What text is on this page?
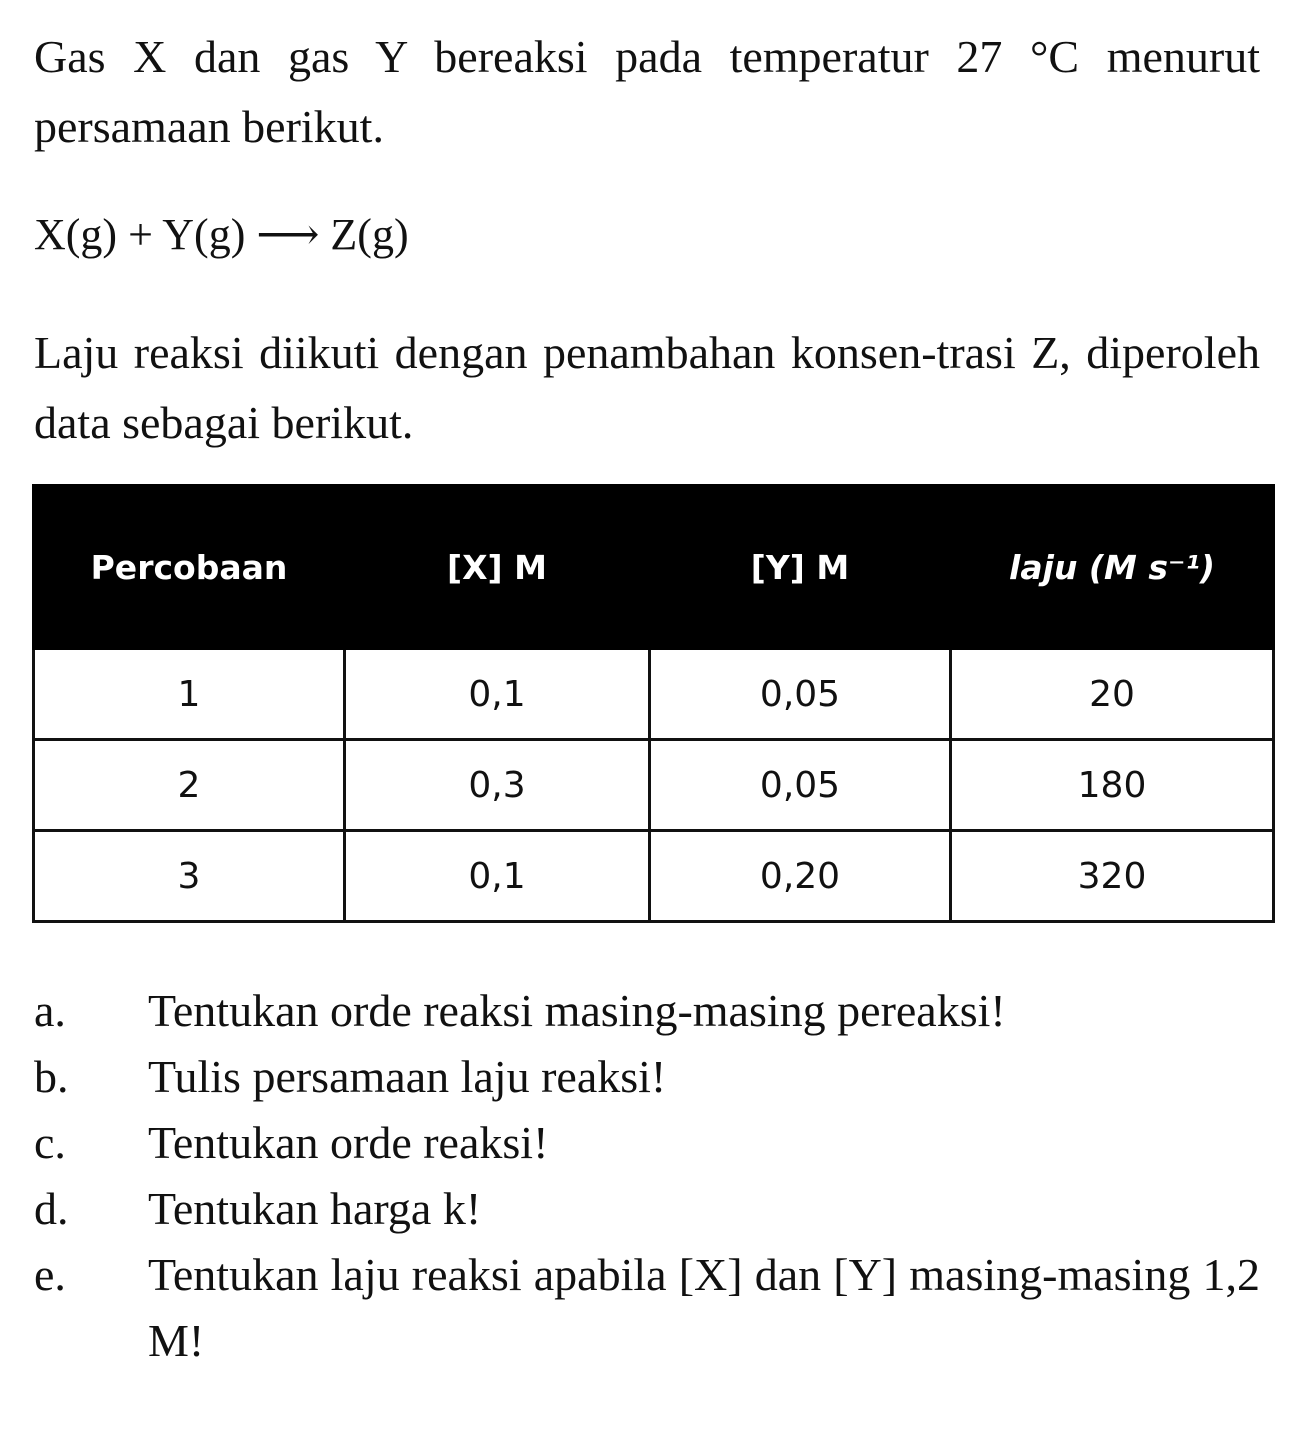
Gas X dan gas Y bereaksi pada temperatur 27 °C menurut persamaan berikut.

X(g) + Y(g) ⟶ Z(g)

Laju reaksi diikuti dengan penambahan konsen-trasi Z, diperoleh data sebagai berikut.

Percobaan	[X] M	[Y] M	laju (M s⁻¹)
1	0,1	0,05	20
2	0,3	0,05	180
3	0,1	0,20	320
a.	Tentukan orde reaksi masing-masing pereaksi!
b.	Tulis persamaan laju reaksi!
c.	Tentukan orde reaksi!
d.	Tentukan harga k!
e.	Tentukan laju reaksi apabila [X] dan [Y] masing-masing 1,2 M!
